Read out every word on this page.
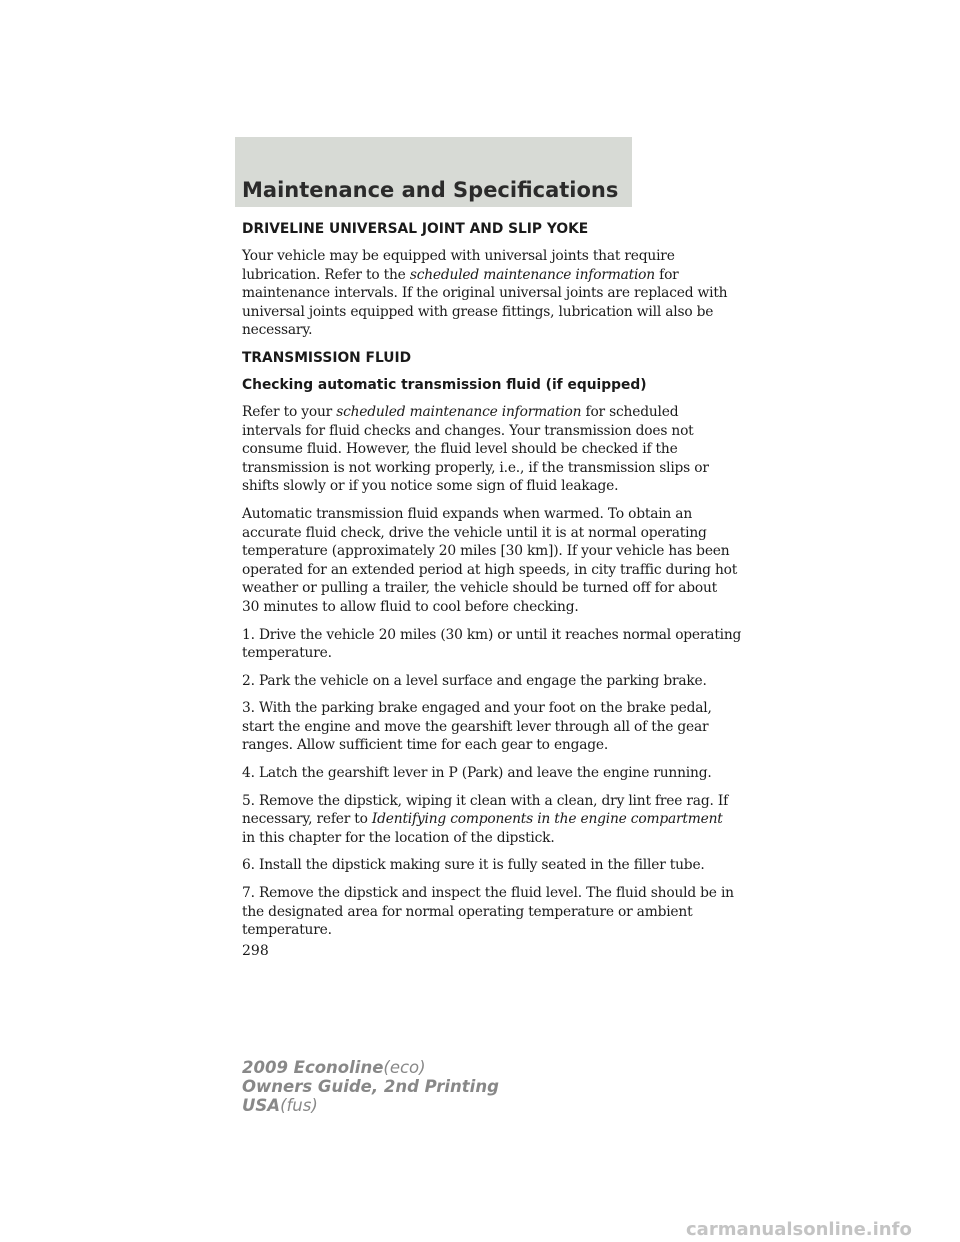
Maintenance and Specifications
DRIVELINE UNIVERSAL JOINT AND SLIP YOKE

Your vehicle may be equipped with universal joints that require
lubrication. Refer to the scheduled maintenance information for
maintenance intervals. If the original universal joints are replaced with
universal joints equipped with grease fittings, lubrication will also be
necessary.

TRANSMISSION FLUID
Checking automatic transmission fluid (if equipped)

Refer to your scheduled maintenance information for scheduled
intervals for fluid checks and changes. Your transmission does not
consume fluid. However, the fluid level should be checked if the
transmission is not working properly, i.e., if the transmission slips or
shifts slowly or if you notice some sign of fluid leakage.

Automatic transmission fluid expands when warmed. To obtain an
accurate fluid check, drive the vehicle until it is at normal operating
temperature (approximately 20 miles [30 km]). If your vehicle has been
operated for an extended period at high speeds, in city traffic during hot
weather or pulling a trailer, the vehicle should be turned off for about
30 minutes to allow fluid to cool before checking.

1. Drive the vehicle 20 miles (30 km) or until it reaches normal operating
temperature.

2. Park the vehicle on a level surface and engage the parking brake.

3. With the parking brake engaged and your foot on the brake pedal,
start the engine and move the gearshift lever through all of the gear
ranges. Allow sufficient time for each gear to engage.

4. Latch the gearshift lever in P (Park) and leave the engine running.

5. Remove the dipstick, wiping it clean with a clean, dry lint free rag. If
necessary, refer to Identifying components in the engine compartment
in this chapter for the location of the dipstick.

6. Install the dipstick making sure it is fully seated in the filler tube.

7. Remove the dipstick and inspect the fluid level. The fluid should be in
the designated area for normal operating temperature or ambient
temperature.

298
2009 Econoline(eco)
Owners Guide, 2nd Printing
USA(fus)
carmanualsonline.info
